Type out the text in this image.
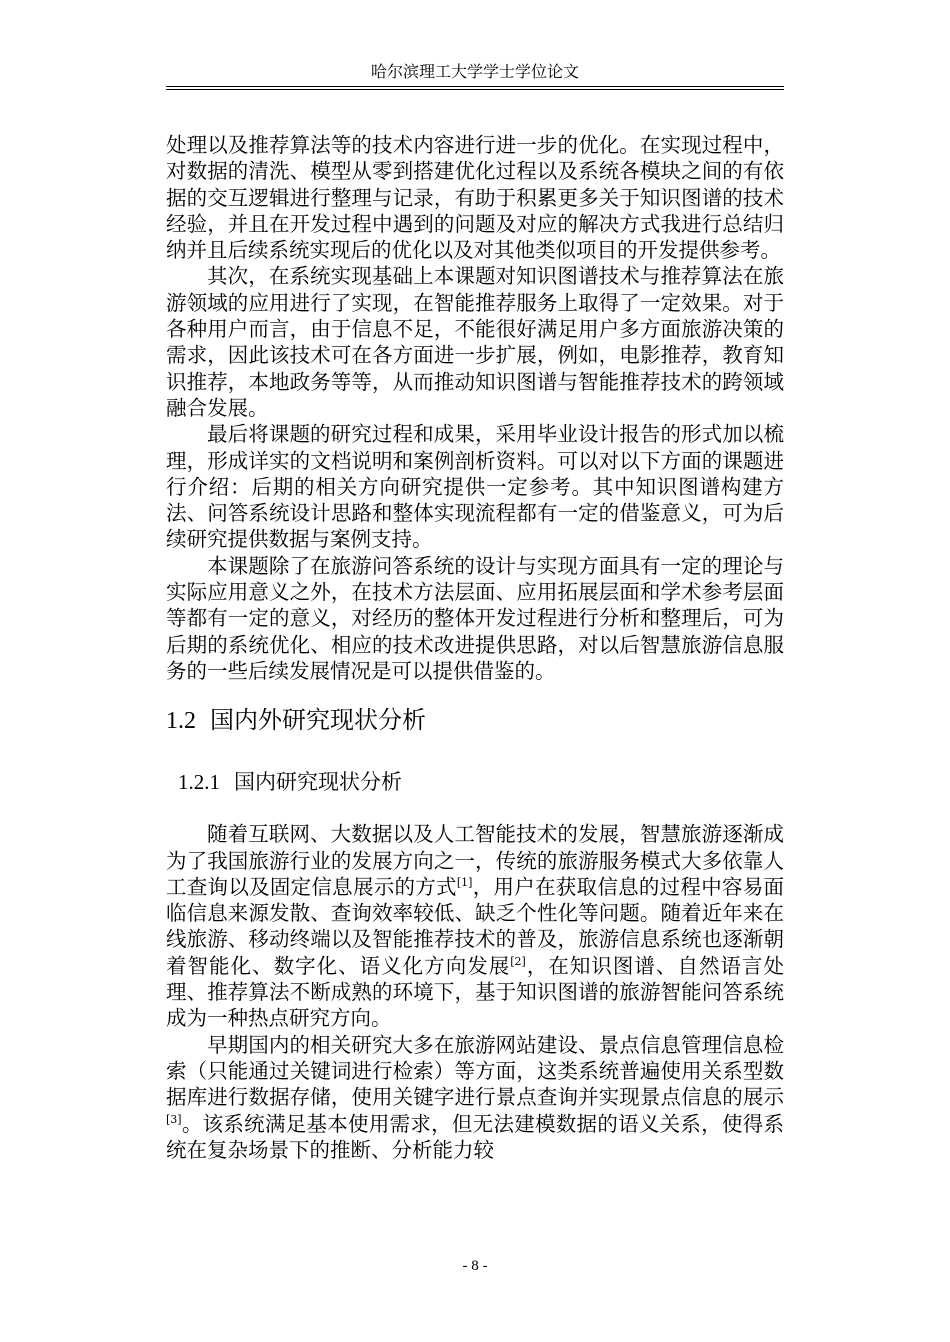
哈尔滨理工大学学士学位论文

处理以及推荐算法等的技术内容进行进一步的优化。在实现过程中，对数据的清洗、模型从零到搭建优化过程以及系统各模块之间的有依据的交互逻辑进行整理与记录，有助于积累更多关于知识图谱的技术经验，并且在开发过程中遇到的问题及对应的解决方式我进行总结归纳并且后续系统实现后的优化以及对其他类似项目的开发提供参考。

其次，在系统实现基础上本课题对知识图谱技术与推荐算法在旅游领域的应用进行了实现，在智能推荐服务上取得了一定效果。对于各种用户而言，由于信息不足，不能很好满足用户多方面旅游决策的需求，因此该技术可在各方面进一步扩展，例如，电影推荐，教育知识推荐，本地政务等等，从而推动知识图谱与智能推荐技术的跨领域融合发展。

最后将课题的研究过程和成果，采用毕业设计报告的形式加以梳理，形成详实的文档说明和案例剖析资料。可以对以下方面的课题进行介绍：后期的相关方向研究提供一定参考。其中知识图谱构建方法、问答系统设计思路和整体实现流程都有一定的借鉴意义，可为后续研究提供数据与案例支持。

本课题除了在旅游问答系统的设计与实现方面具有一定的理论与实际应用意义之外，在技术方法层面、应用拓展层面和学术参考层面等都有一定的意义，对经历的整体开发过程进行分析和整理后，可为后期的系统优化、相应的技术改进提供思路，对以后智慧旅游信息服务的一些后续发展情况是可以提供借鉴的。

1.2 国内外研究现状分析
1.2.1 国内研究现状分析

随着互联网、大数据以及人工智能技术的发展，智慧旅游逐渐成为了我国旅游行业的发展方向之一，传统的旅游服务模式大多依靠人工查询以及固定信息展示的方式[1]，用户在获取信息的过程中容易面临信息来源发散、查询效率较低、缺乏个性化等问题。随着近年来在线旅游、移动终端以及智能推荐技术的普及，旅游信息系统也逐渐朝着智能化、数字化、语义化方向发展[2]，在知识图谱、自然语言处理、推荐算法不断成熟的环境下，基于知识图谱的旅游智能问答系统成为一种热点研究方向。

早期国内的相关研究大多在旅游网站建设、景点信息管理信息检索（只能通过关键词进行检索）等方面，这类系统普遍使用关系型数据库进行数据存储，使用关键字进行景点查询并实现景点信息的展示[3]。该系统满足基本使用需求，但无法建模数据的语义关系，使得系统在复杂场景下的推断、分析能力较

- 8 -
